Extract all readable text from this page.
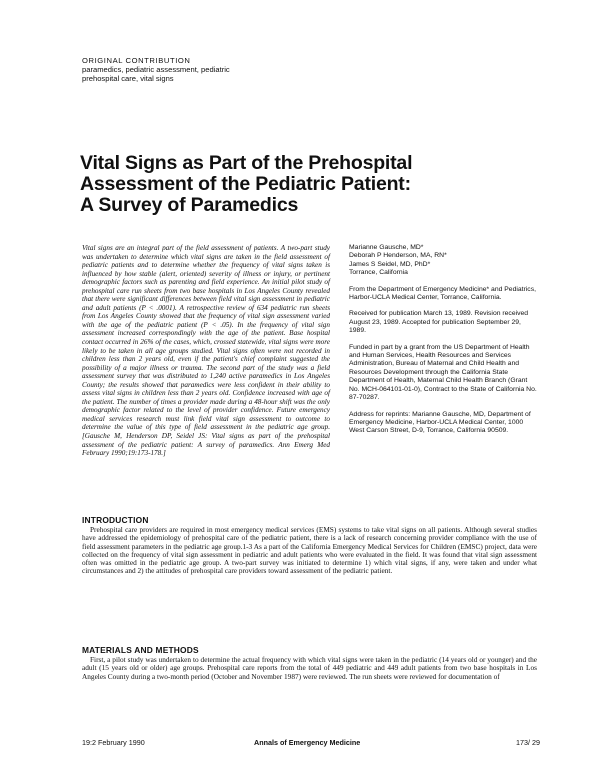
ORIGINAL CONTRIBUTION
paramedics, pediatric assessment, pediatric
prehospital care, vital signs
Vital Signs as Part of the Prehospital
Assessment of the Pediatric Patient:
A Survey of Paramedics

Vital signs are an integral part of the field assessment of patients. A two-part study was undertaken to determine which vital signs are taken in the field assessment of pediatric patients and to determine whether the frequency of vital signs taken is influenced by how stable (alert, oriented) severity of illness or injury, or pertinent demographic factors such as parenting and field experience. An initial pilot study of prehospital care run sheets from two base hospitals in Los Angeles County revealed that there were significant differences between field vital sign assessment in pediatric and adult patients (P < .0001). A retrospective review of 634 pediatric run sheets from Los Angeles County showed that the frequency of vital sign assessment varied with the age of the pediatric patient (P < .05). In the frequency of vital sign assessment increased correspondingly with the age of the patient. Base hospital contact occurred in 26% of the cases, which, crossed statewide, vital signs were more likely to be taken in all age groups studied. Vital signs often were not recorded in children less than 2 years old, even if the patient's chief complaint suggested the possibility of a major illness or trauma. The second part of the study was a field assessment survey that was distributed to 1,240 active paramedics in Los Angeles County; the results showed that paramedics were less confident in their ability to assess vital signs in children less than 2 years old. Confidence increased with age of the patient. The number of times a provider made during a 48-hour shift was the only demographic factor related to the level of provider confidence. Future emergency medical services research must link field vital sign assessment to outcome to determine the value of this type of field assessment in the pediatric age group. [Gausche M, Henderson DP, Seidel JS: Vital signs as part of the prehospital assessment of the pediatric patient: A survey of paramedics. Ann Emerg Med February 1990;19:173-178.]

Marianne Gausche, MD*
Deborah P Henderson, MA, RN*
James S Seidel, MD, PhD*
Torrance, California

From the Department of Emergency Medicine* and Pediatrics, Harbor-UCLA Medical Center, Torrance, California.

Received for publication March 13, 1989. Revision received August 23, 1989. Accepted for publication September 29, 1989.

Funded in part by a grant from the US Department of Health and Human Services, Health Resources and Services Administration, Bureau of Maternal and Child Health and Resources Development through the California State Department of Health, Maternal Child Health Branch (Grant No. MCH-064101-01-0), Contract to the State of California No. 87-70287.

Address for reprints: Marianne Gausche, MD, Department of Emergency Medicine, Harbor-UCLA Medical Center, 1000 West Carson Street, D-9, Torrance, California 90509.

INTRODUCTION

Prehospital care providers are required in most emergency medical services (EMS) systems to take vital signs on all patients. Although several studies have addressed the epidemiology of prehospital care of the pediatric patient, there is a lack of research concerning provider compliance with the use of field assessment parameters in the pediatric age group.1-3 As a part of the California Emergency Medical Services for Children (EMSC) project, data were collected on the frequency of vital sign assessment in pediatric and adult patients who were evaluated in the field. It was found that vital sign assessment often was omitted in the pediatric age group. A two-part survey was initiated to determine 1) which vital signs, if any, were taken and under what circumstances and 2) the attitudes of prehospital care providers toward assessment of the pediatric patient.

MATERIALS AND METHODS

First, a pilot study was undertaken to determine the actual frequency with which vital signs were taken in the pediatric (14 years old or younger) and the adult (15 years old or older) age groups. Prehospital care reports from the total of 449 pediatric and 449 adult patients from two base hospitals in Los Angeles County during a two-month period (October and November 1987) were reviewed. The run sheets were reviewed for documentation of

19:2 February 1990	Annals of Emergency Medicine	173/ 29
